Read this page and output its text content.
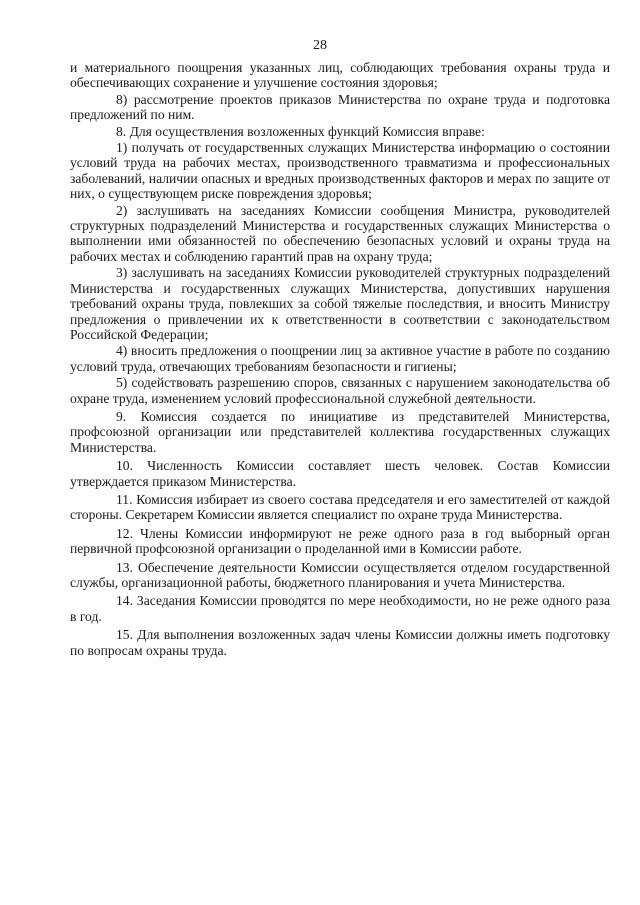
28

и материального поощрения указанных лиц, соблюдающих требования охраны труда и обеспечивающих сохранение и улучшение состояния здоровья;

8) рассмотрение проектов приказов Министерства по охране труда и подготовка предложений по ним.

8. Для осуществления возложенных функций Комиссия вправе:

1) получать от государственных служащих Министерства информацию о состоянии условий труда на рабочих местах, производственного травматизма и профессиональных заболеваний, наличии опасных и вредных производственных факторов и мерах по защите от них, о существующем риске повреждения здоровья;

2) заслушивать на заседаниях Комиссии сообщения Министра, руководителей структурных подразделений Министерства и государственных служащих Министерства о выполнении ими обязанностей по обеспечению безопасных условий и охраны труда на рабочих местах и соблюдению гарантий прав на охрану труда;

3) заслушивать на заседаниях Комиссии руководителей структурных подразделений Министерства и государственных служащих Министерства, допустивших нарушения требований охраны труда, повлекших за собой тяжелые последствия, и вносить Министру предложения о привлечении их к ответственности в соответствии с законодательством Российской Федерации;

4) вносить предложения о поощрении лиц за активное участие в работе по созданию условий труда, отвечающих требованиям безопасности и гигиены;

5) содействовать разрешению споров, связанных с нарушением законодательства об охране труда, изменением условий профессиональной служебной деятельности.

9. Комиссия создается по инициативе из представителей Министерства, профсоюзной организации или представителей коллектива государственных служащих Министерства.

10. Численность Комиссии составляет шесть человек. Состав Комиссии утверждается приказом Министерства.

11. Комиссия избирает из своего состава председателя и его заместителей от каждой стороны. Секретарем Комиссии является специалист по охране труда Министерства.

12. Члены Комиссии информируют не реже одного раза в год выборный орган первичной профсоюзной организации о проделанной ими в Комиссии работе.

13. Обеспечение деятельности Комиссии осуществляется отделом государственной службы, организационной работы, бюджетного планирования и учета Министерства.

14. Заседания Комиссии проводятся по мере необходимости, но не реже одного раза в год.

15. Для выполнения возложенных задач члены Комиссии должны иметь подготовку по вопросам охраны труда.
